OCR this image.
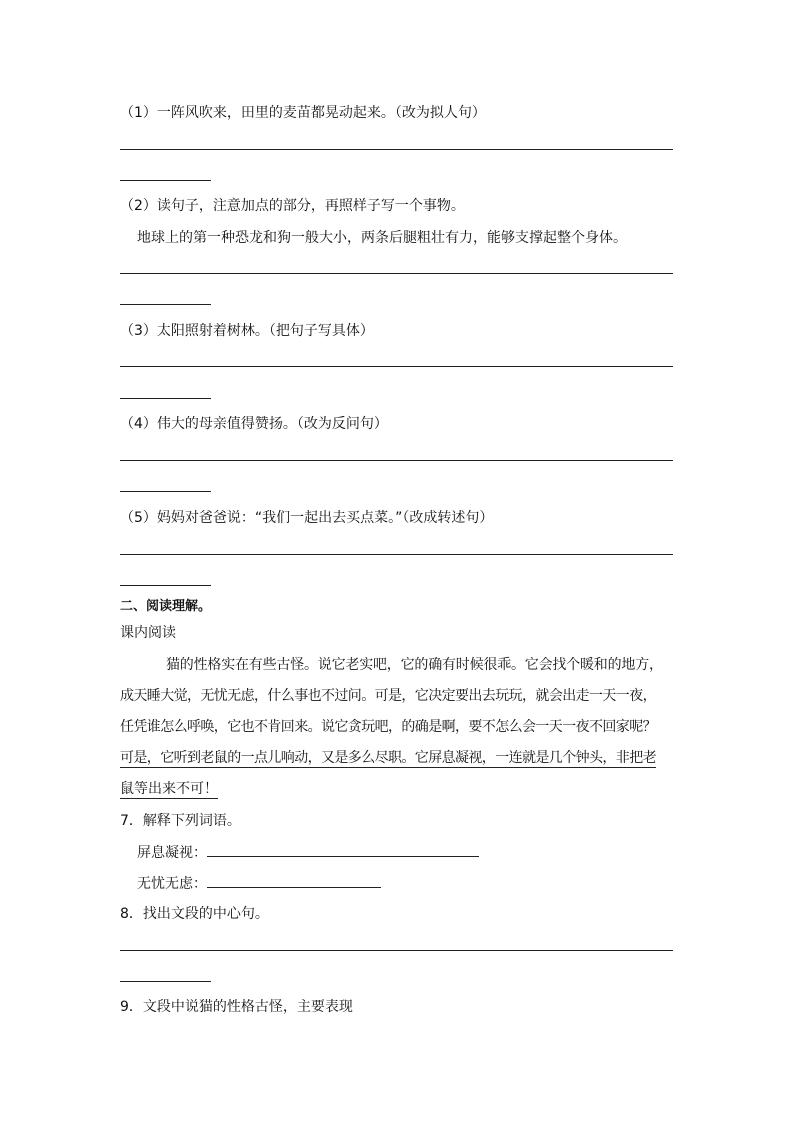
（1）一阵风吹来，田里的麦苗都晃动起来。（改为拟人句）
（2）读句子，注意加点的部分，再照样子写一个事物。
地球上的第一种恐龙和狗一般大小，两条后腿粗壮有力，能够支撑起整个身体。
（3）太阳照射着树林。（把句子写具体）
（4）伟大的母亲值得赞扬。（改为反问句）
（5）妈妈对爸爸说：“我们一起出去买点菜。”（改成转述句）
二、阅读理解。
课内阅读
猫的性格实在有些古怪。说它老实吧，它的确有时候很乖。它会找个暖和的地方，
成天睡大觉，无忧无虑，什么事也不过问。可是，它决定要出去玩玩，就会出走一天一夜，
任凭谁怎么呼唤，它也不肯回来。说它贪玩吧，的确是啊，要不怎么会一天一夜不回家呢？
可是，它听到老鼠的一点儿响动，又是多么尽职。它屏息凝视，一连就是几个钟头，非把老
鼠等出来不可！
7．解释下列词语。
屏息凝视：
无忧无虑：
8．找出文段的中心句。
9．文段中说猫的性格古怪，主要表现
